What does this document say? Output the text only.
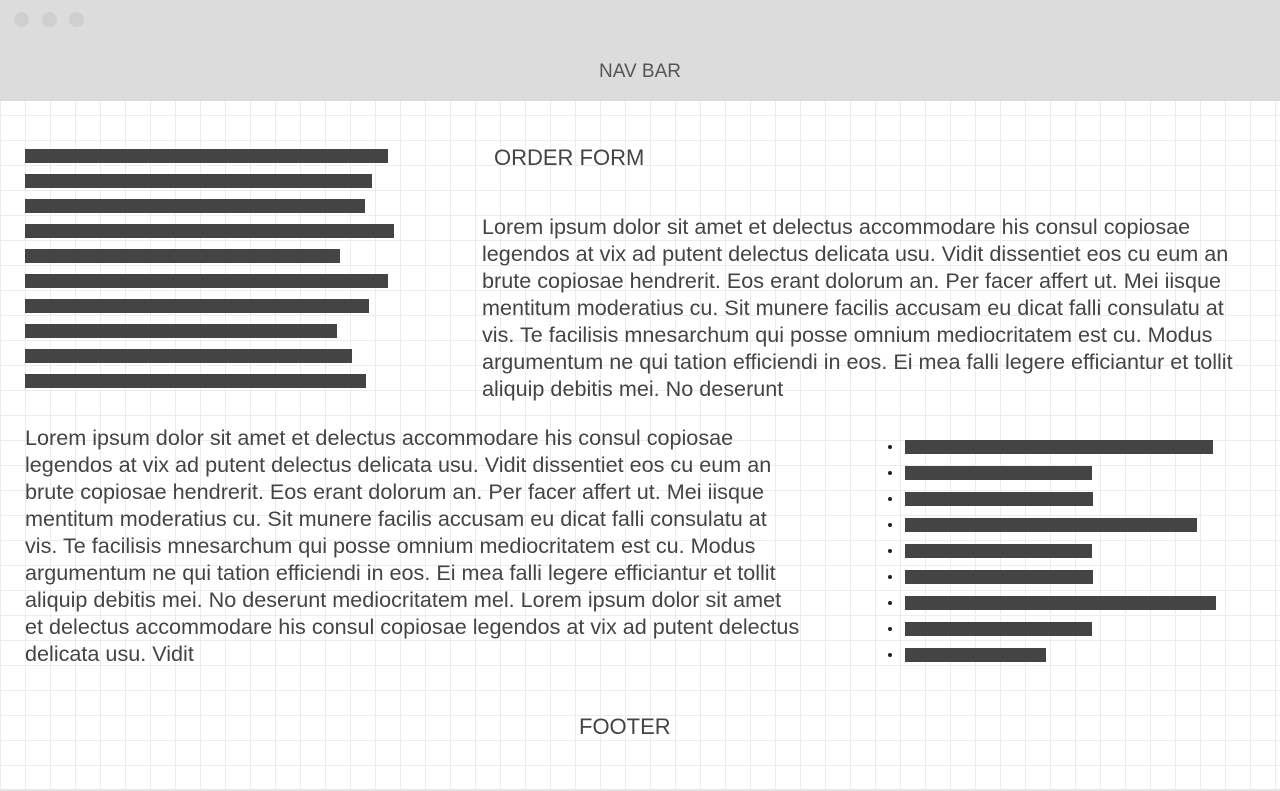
NAV BAR
ORDER FORM

Lorem ipsum dolor sit amet et delectus accommodare his consul copiosae legendos at vix ad putent delectus delicata usu. Vidit dissentiet eos cu eum an brute copiosae hendrerit. Eos erant dolorum an. Per facer affert ut. Mei iisque mentitum moderatius cu. Sit munere facilis accusam eu dicat falli consulatu at vis. Te facilisis mnesarchum qui posse omnium mediocritatem est cu. Modus argumentum ne qui tation efficiendi in eos. Ei mea falli legere efficiantur et tollit aliquip debitis mei. No deserunt

Lorem ipsum dolor sit amet et delectus accommodare his consul copiosae legendos at vix ad putent delectus delicata usu. Vidit dissentiet eos cu eum an brute copiosae hendrerit. Eos erant dolorum an. Per facer affert ut. Mei iisque mentitum moderatius cu. Sit munere facilis accusam eu dicat falli consulatu at vis. Te facilisis mnesarchum qui posse omnium mediocritatem est cu. Modus argumentum ne qui tation efficiendi in eos. Ei mea falli legere efficiantur et tollit aliquip debitis mei. No deserunt mediocritatem mel. Lorem ipsum dolor sit amet et delectus accommodare his consul copiosae legendos at vix ad putent delectus delicata usu. Vidit

FOOTER
